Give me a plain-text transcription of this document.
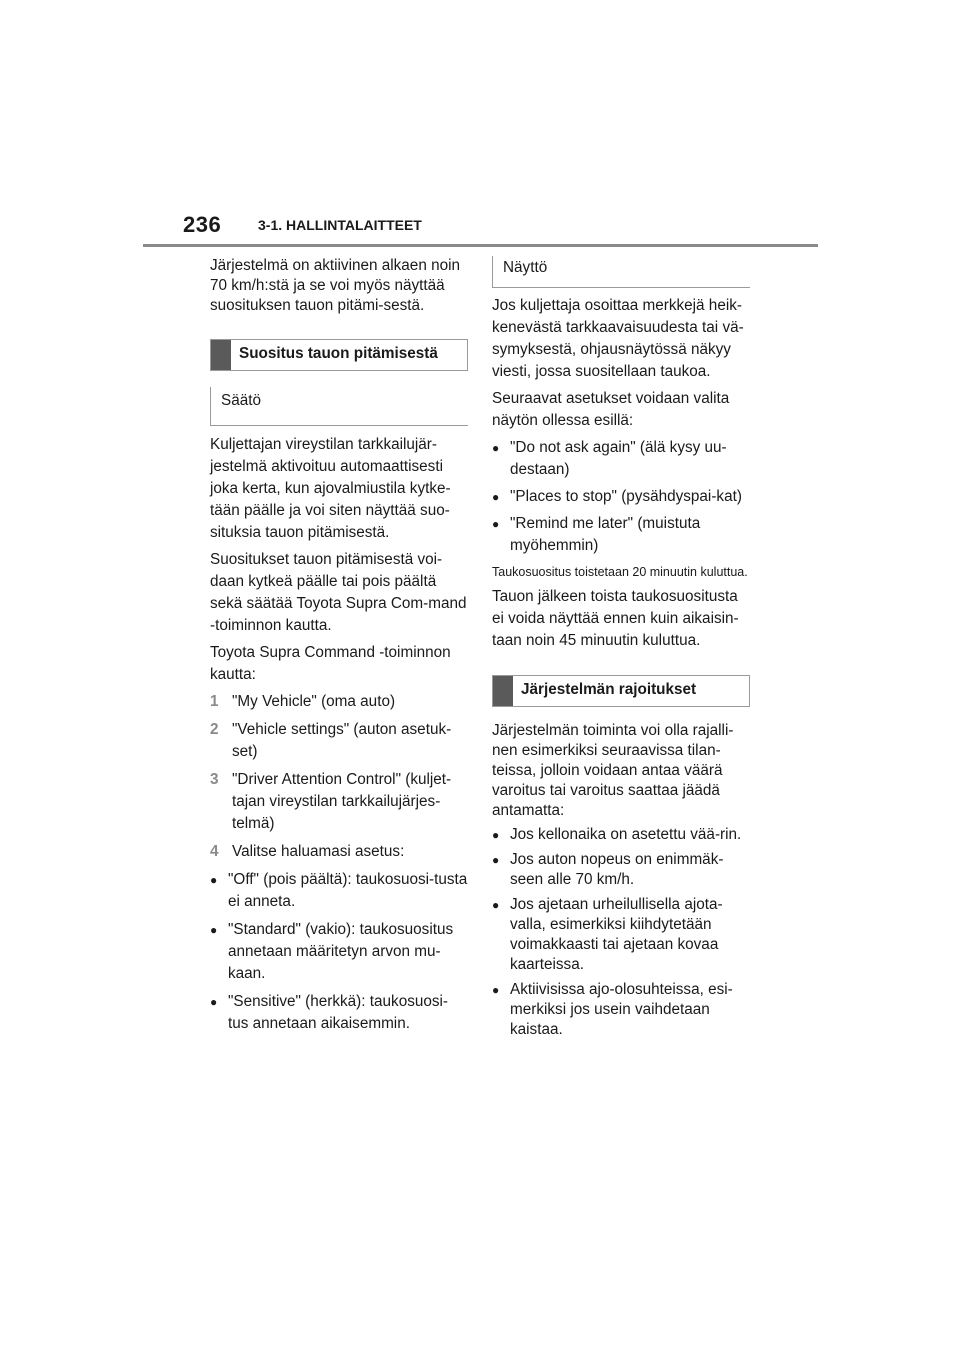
236	3-1. HALLINTALAITTEET

Järjestelmä on aktiivinen alkaen noin 70 km/h:stä ja se voi myös näyttää suosituksen tauon pitämi-sestä.

Suositus tauon pitämisestä
Säätö

Kuljettajan vireystilan tarkkailujär-jestelmä aktivoituu automaattisesti joka kerta, kun ajovalmiustila kytke-tään päälle ja voi siten näyttää suo-situksia tauon pitämisestä.

Suositukset tauon pitämisestä voi-daan kytkeä päälle tai pois päältä sekä säätää Toyota Supra Com-mand -toiminnon kautta.

Toyota Supra Command -toiminnon kautta:

1 "My Vehicle" (oma auto)
2 "Vehicle settings" (auton asetuk-set)
3 "Driver Attention Control" (kuljet-tajan vireystilan tarkkailujärjes-telmä)
4 Valitse haluamasi asetus:
● "Off" (pois päältä): taukosuosi-tusta ei anneta.
● "Standard" (vakio): taukosuositus annetaan määritetyn arvon mu-kaan.
● "Sensitive" (herkkä): taukosuosi-tus annetaan aikaisemmin.
Näyttö

Jos kuljettaja osoittaa merkkejä heik-kenevästä tarkkaavaisuudesta tai vä-symyksestä, ohjausnäytössä näkyy viesti, jossa suositellaan taukoa.

Seuraavat asetukset voidaan valita näytön ollessa esillä:

● "Do not ask again" (älä kysy uu-destaan)
● "Places to stop" (pysähdyspai-kat)
● "Remind me later" (muistuta myöhemmin)

Taukosuositus toistetaan 20 minuutin kuluttua.

Tauon jälkeen toista taukosuositusta ei voida näyttää ennen kuin aikaisin-taan noin 45 minuutin kuluttua.

Järjestelmän rajoitukset

Järjestelmän toiminta voi olla rajalli-nen esimerkiksi seuraavissa tilan-teissa, jolloin voidaan antaa väärä varoitus tai varoitus saattaa jäädä antamatta:

● Jos kellonaika on asetettu vää-rin.
● Jos auton nopeus on enimmäk-seen alle 70 km/h.
● Jos ajetaan urheilullisella ajota-valla, esimerkiksi kiihdytetään voimakkaasti tai ajetaan kovaa kaarteissa.
● Aktiivisissa ajo-olosuhteissa, esi-merkiksi jos usein vaihdetaan kaistaa.
